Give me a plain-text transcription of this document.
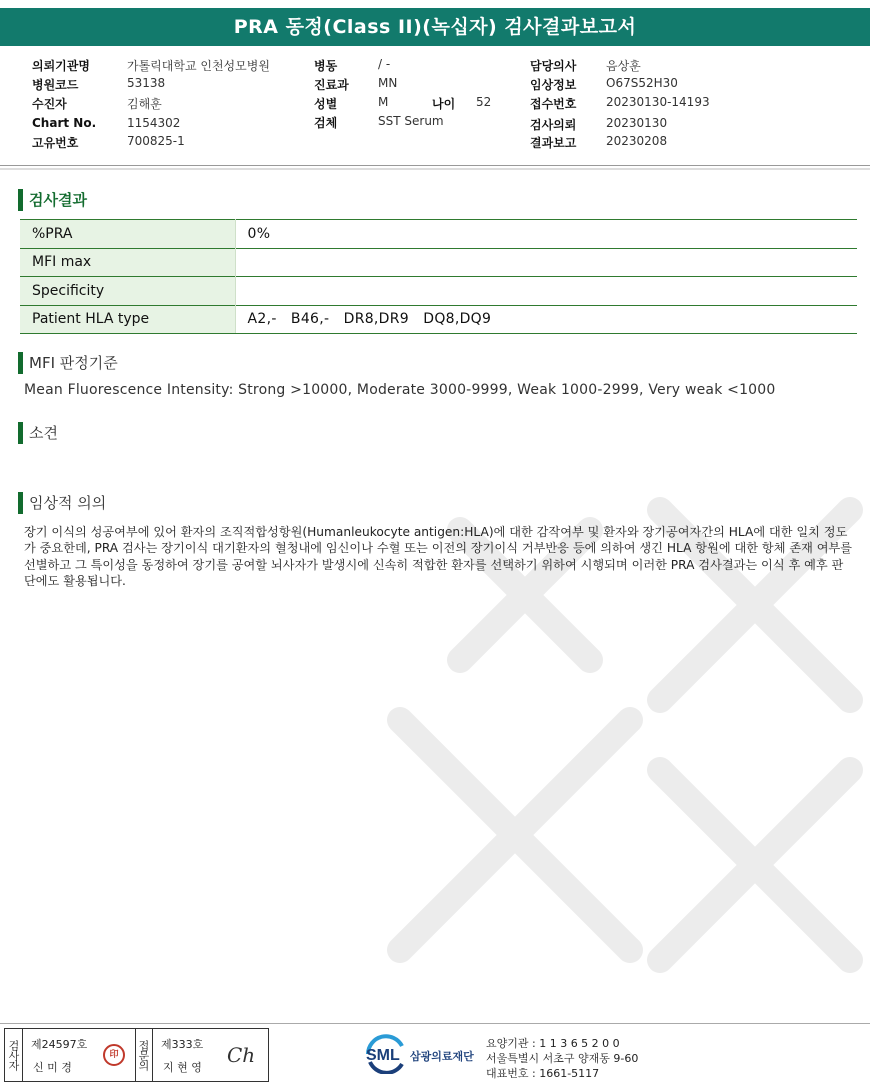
PRA 동정(Class II)(녹십자) 검사결과보고서
의뢰기관명	가톨릭대학교 인천성모병원
병원코드	53138
수진자	김해훈
Chart No.	1154302
고유번호	700825-1
병동	/ -
진료과 MN
성별	M	나이 52
검체	SST Serum
담당의사 음상훈
임상정보 O67S52H30
접수번호 20230130-14193
검사의뢰 20230130
결과보고 20230208
검사결과
%PRA	0%
MFI max	
Specificity	
Patient HLA type	A2,-   B46,-   DR8,DR9   DQ8,DQ9
MFI 판정기준
Mean Fluorescence Intensity: Strong >10000, Moderate 3000-9999, Weak 1000-2999, Very weak <1000
소견
임상적 의의
장기 이식의 성공여부에 있어 환자의 조직적합성항원(Humanleukocyte antigen:HLA)에 대한 감작여부 및 환자와 장기공여자간의 HLA에 대한 일치 정도가 중요한데, PRA 검사는 장기이식 대기환자의 혈청내에 임신이나 수혈 또는 이전의 장기이식 거부반응 등에 의하여 생긴 HLA 항원에 대한 항체 존재 여부를 선별하고 그 특이성을 동정하여 장기를 공여할 뇌사자가 발생시에 신속히 적합한 환자를 선택하기 위하여 시행되며 이러한 PRA 검사결과는 이식 후 예후 판단에도 활용됩니다.
검사자 제24597호
신 미 경
印	접문의 제333호
지 현 영
Ch	SML 삼광의료재단
요양기관 : 1 1 3 6 5 2 0 0
서울특별시 서초구 양재동 9-60
대표번호 : 1661-5117
